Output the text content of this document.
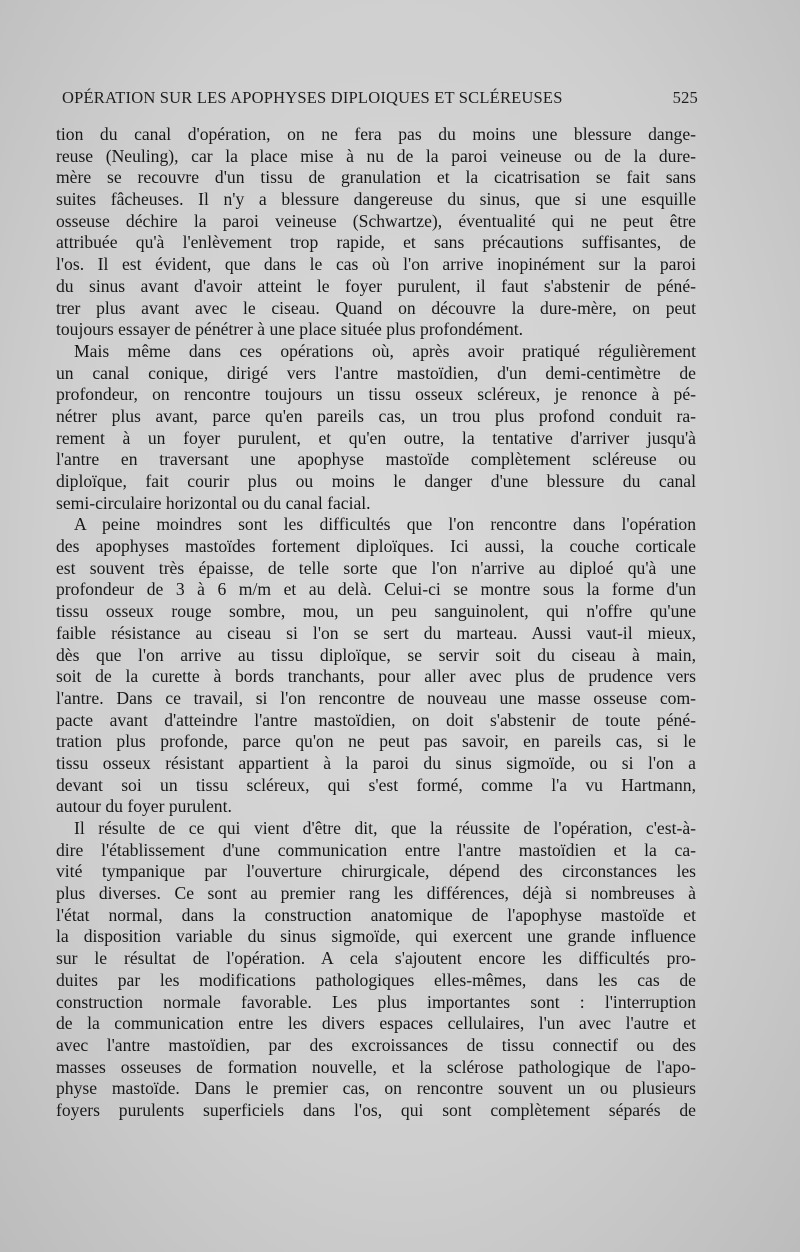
OPÉRATION SUR LES APOPHYSES DIPLOIQUES ET SCLÉREUSES	525
tion du canal d'opération, on ne fera pas du moins une blessure dange-
reuse (Neuling), car la place mise à nu de la paroi veineuse ou de la dure-
mère se recouvre d'un tissu de granulation et la cicatrisation se fait sans
suites fâcheuses. Il n'y a blessure dangereuse du sinus, que si une esquille
osseuse déchire la paroi veineuse (Schwartze), éventualité qui ne peut être
attribuée qu'à l'enlèvement trop rapide, et sans précautions suffisantes, de
l'os. Il est évident, que dans le cas où l'on arrive inopinément sur la paroi
du sinus avant d'avoir atteint le foyer purulent, il faut s'abstenir de péné-
trer plus avant avec le ciseau. Quand on découvre la dure-mère, on peut
toujours essayer de pénétrer à une place située plus profondément.
Mais même dans ces opérations où, après avoir pratiqué régulièrement
un canal conique, dirigé vers l'antre mastoïdien, d'un demi-centimètre de
profondeur, on rencontre toujours un tissu osseux scléreux, je renonce à pé-
nétrer plus avant, parce qu'en pareils cas, un trou plus profond conduit ra-
rement à un foyer purulent, et qu'en outre, la tentative d'arriver jusqu'à
l'antre en traversant une apophyse mastoïde complètement scléreuse ou
diploïque, fait courir plus ou moins le danger d'une blessure du canal
semi-circulaire horizontal ou du canal facial.
A peine moindres sont les difficultés que l'on rencontre dans l'opération
des apophyses mastoïdes fortement diploïques. Ici aussi, la couche corticale
est souvent très épaisse, de telle sorte que l'on n'arrive au diploé qu'à une
profondeur de 3 à 6 m/m et au delà. Celui-ci se montre sous la forme d'un
tissu osseux rouge sombre, mou, un peu sanguinolent, qui n'offre qu'une
faible résistance au ciseau si l'on se sert du marteau. Aussi vaut-il mieux,
dès que l'on arrive au tissu diploïque, se servir soit du ciseau à main,
soit de la curette à bords tranchants, pour aller avec plus de prudence vers
l'antre. Dans ce travail, si l'on rencontre de nouveau une masse osseuse com-
pacte avant d'atteindre l'antre mastoïdien, on doit s'abstenir de toute péné-
tration plus profonde, parce qu'on ne peut pas savoir, en pareils cas, si le
tissu osseux résistant appartient à la paroi du sinus sigmoïde, ou si l'on a
devant soi un tissu scléreux, qui s'est formé, comme l'a vu Hartmann,
autour du foyer purulent.
Il résulte de ce qui vient d'être dit, que la réussite de l'opération, c'est-à-
dire l'établissement d'une communication entre l'antre mastoïdien et la ca-
vité tympanique par l'ouverture chirurgicale, dépend des circonstances les
plus diverses. Ce sont au premier rang les différences, déjà si nombreuses à
l'état normal, dans la construction anatomique de l'apophyse mastoïde et
la disposition variable du sinus sigmoïde, qui exercent une grande influence
sur le résultat de l'opération. A cela s'ajoutent encore les difficultés pro-
duites par les modifications pathologiques elles-mêmes, dans les cas de
construction normale favorable. Les plus importantes sont : l'interruption
de la communication entre les divers espaces cellulaires, l'un avec l'autre et
avec l'antre mastoïdien, par des excroissances de tissu connectif ou des
masses osseuses de formation nouvelle, et la sclérose pathologique de l'apo-
physe mastoïde. Dans le premier cas, on rencontre souvent un ou plusieurs
foyers purulents superficiels dans l'os, qui sont complètement séparés de
